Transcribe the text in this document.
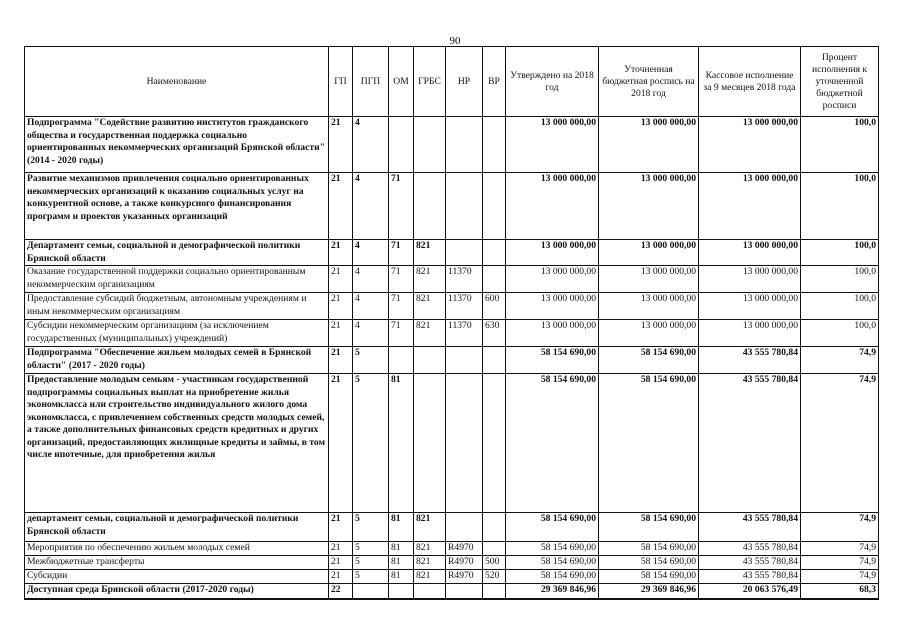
90
Наименование	ГП	ПГП	ОМ	ГРБС	НР	ВР	Утверждено на 2018 год	Уточненная бюджетная роспись на 2018 год	Кассовое исполнение за 9 месяцев 2018 года	Процент исполнения к уточненной бюджетной росписи
Подпрограмма "Содействие развитию институтов гражданского общества и государственная поддержка социально ориентированных некоммерческих организаций Брянской области" (2014 - 2020 годы)	21	4					13 000 000,00	13 000 000,00	13 000 000,00	100,0
Развитие механизмов привлечения социально ориентированных некоммерческих организаций к оказанию социальных услуг на конкурентной основе, а также конкурсного финансирования программ и проектов указанных организаций	21	4	71				13 000 000,00	13 000 000,00	13 000 000,00	100,0
Департамент семьи, социальной и демографической политики Брянской области	21	4	71	821			13 000 000,00	13 000 000,00	13 000 000,00	100,0
Оказание государственной поддержки социально ориентированным некоммерческим организациям	21	4	71	821	11370		13 000 000,00	13 000 000,00	13 000 000,00	100,0
Предоставление субсидий бюджетным, автономным учреждениям и иным некоммерческим организациям	21	4	71	821	11370	600	13 000 000,00	13 000 000,00	13 000 000,00	100,0
Субсидии некоммерческим организациям (за исключением государственных (муниципальных) учреждений)	21	4	71	821	11370	630	13 000 000,00	13 000 000,00	13 000 000,00	100,0
Подпрограмма "Обеспечение жильем молодых семей в Брянской области" (2017 - 2020 годы)	21	5					58 154 690,00	58 154 690,00	43 555 780,84	74,9
Предоставление молодым семьям - участникам государственной подпрограммы социальных выплат на приобретение жилья экономкласса или строительство индивидуального жилого дома экономкласса, с привлечением собственных средств молодых семей, а также дополнительных финансовых средств кредитных и других организаций, предоставляющих жилищные кредиты и займы, в том числе ипотечные, для приобретения жилья	21	5	81				58 154 690,00	58 154 690,00	43 555 780,84	74,9
департамент семьи, социальной и демографической политики Брянской области	21	5	81	821			58 154 690,00	58 154 690,00	43 555 780,84	74,9
Мероприятия по обеспечению жильем молодых семей	21	5	81	821	R4970		58 154 690,00	58 154 690,00	43 555 780,84	74,9
Межбюджетные трансферты	21	5	81	821	R4970	500	58 154 690,00	58 154 690,00	43 555 780,84	74,9
Субсидии	21	5	81	821	R4970	520	58 154 690,00	58 154 690,00	43 555 780,84	74,9
Доступная среда Брянской области (2017-2020 годы)	22						29 369 846,96	29 369 846,96	20 063 576,49	68,3
